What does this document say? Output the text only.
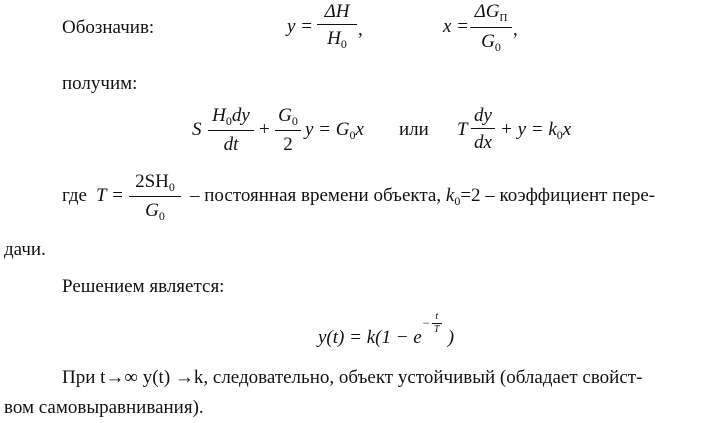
Обозначив:	y =
ΔH
$H_0$
,	x =
$\Delta G_П$
$G_0$
,
получим:
S
$H_0dy$
dt
+
$G_0$
2
$y = G_0x$ или T
dy
dx
+ $y = k_0x$
где T =
$2SH_0$
$G_0$
– постоянная времени объекта, $k_0=2$ – коэффициент пере-
дачи.
Решением является:
y(t) = k(1 − e
− t
T )
При t→∞ y(t) →k, следовательно, объект устойчивый (обладает свойст-
вом самовыравнивания).
